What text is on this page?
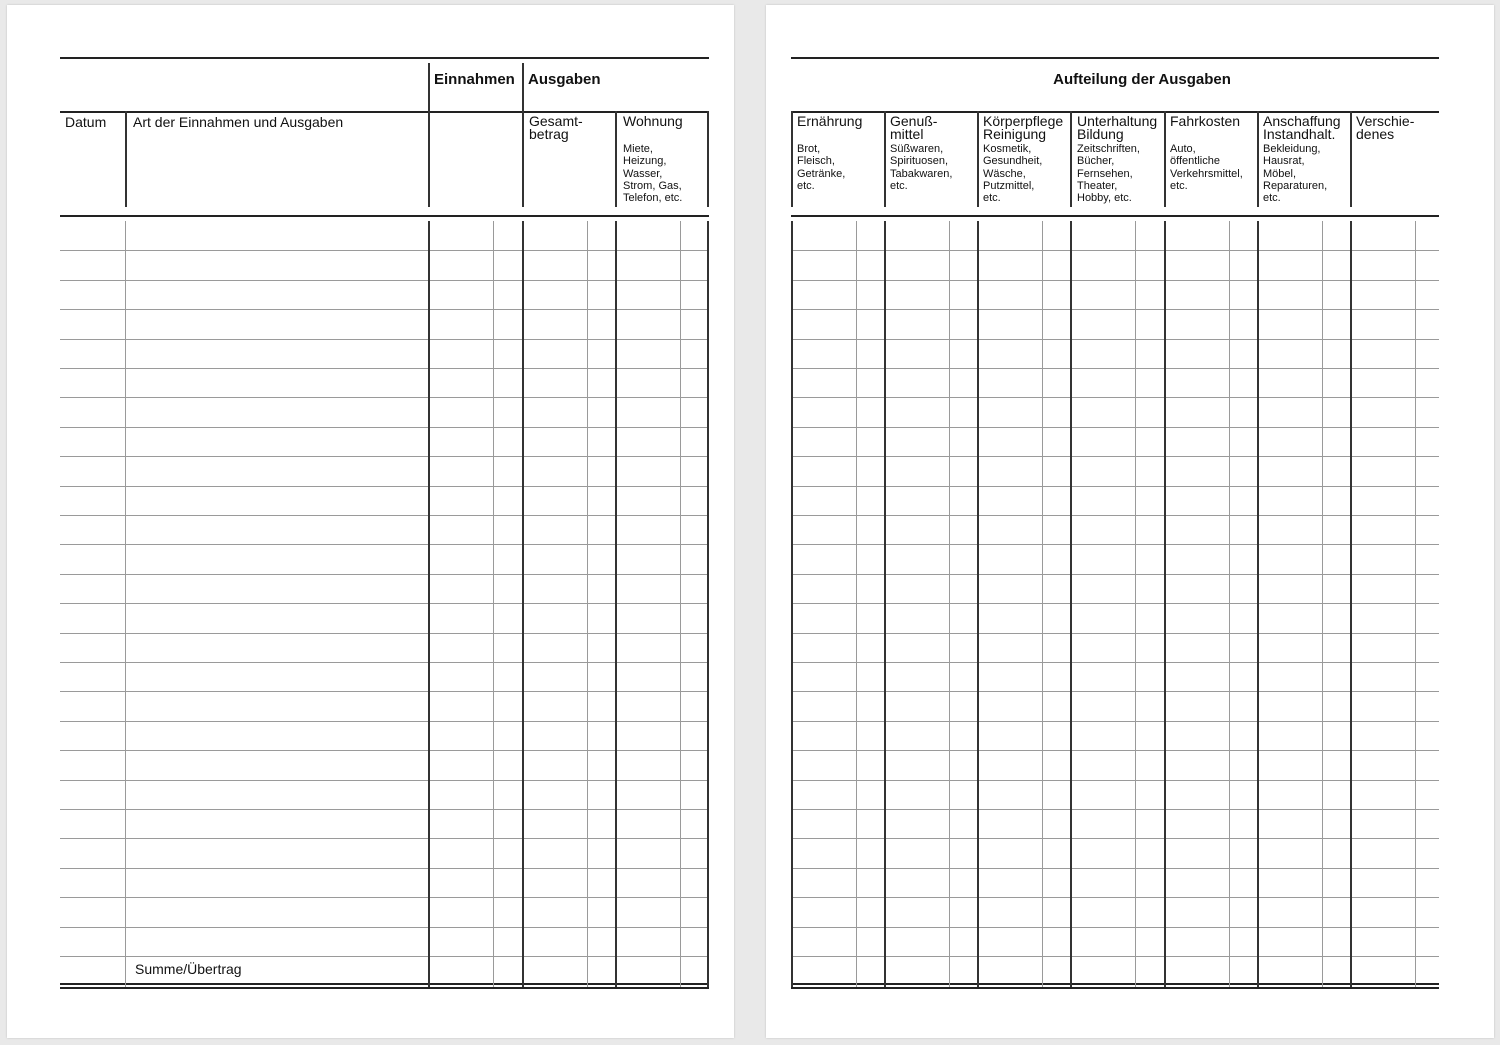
Einnahmen Ausgaben
Datum Art der Einnahmen und Ausgaben	Gesamt-
betrag
Wohnung
Miete,
Heizung,
Wasser,
Strom, Gas,
Telefon, etc.
Summe/Übertrag
Aufteilung der Ausgaben
Ernährung
Brot,
Fleisch,
Getränke,
etc.
Genuß-
mittel
Süßwaren,
Spirituosen,
Tabakwaren,
etc.
Körperpflege
Reinigung
Kosmetik,
Gesundheit,
Wäsche,
Putzmittel,
etc.
Unterhaltung
Bildung
Zeitschriften,
Bücher,
Fernsehen,
Theater,
Hobby, etc.
Fahrkosten
Auto,
öffentliche
Verkehrsmittel,
etc.
Anschaffung
Instandhalt.
Bekleidung,
Hausrat,
Möbel,
Reparaturen,
etc.
Verschie-
denes
